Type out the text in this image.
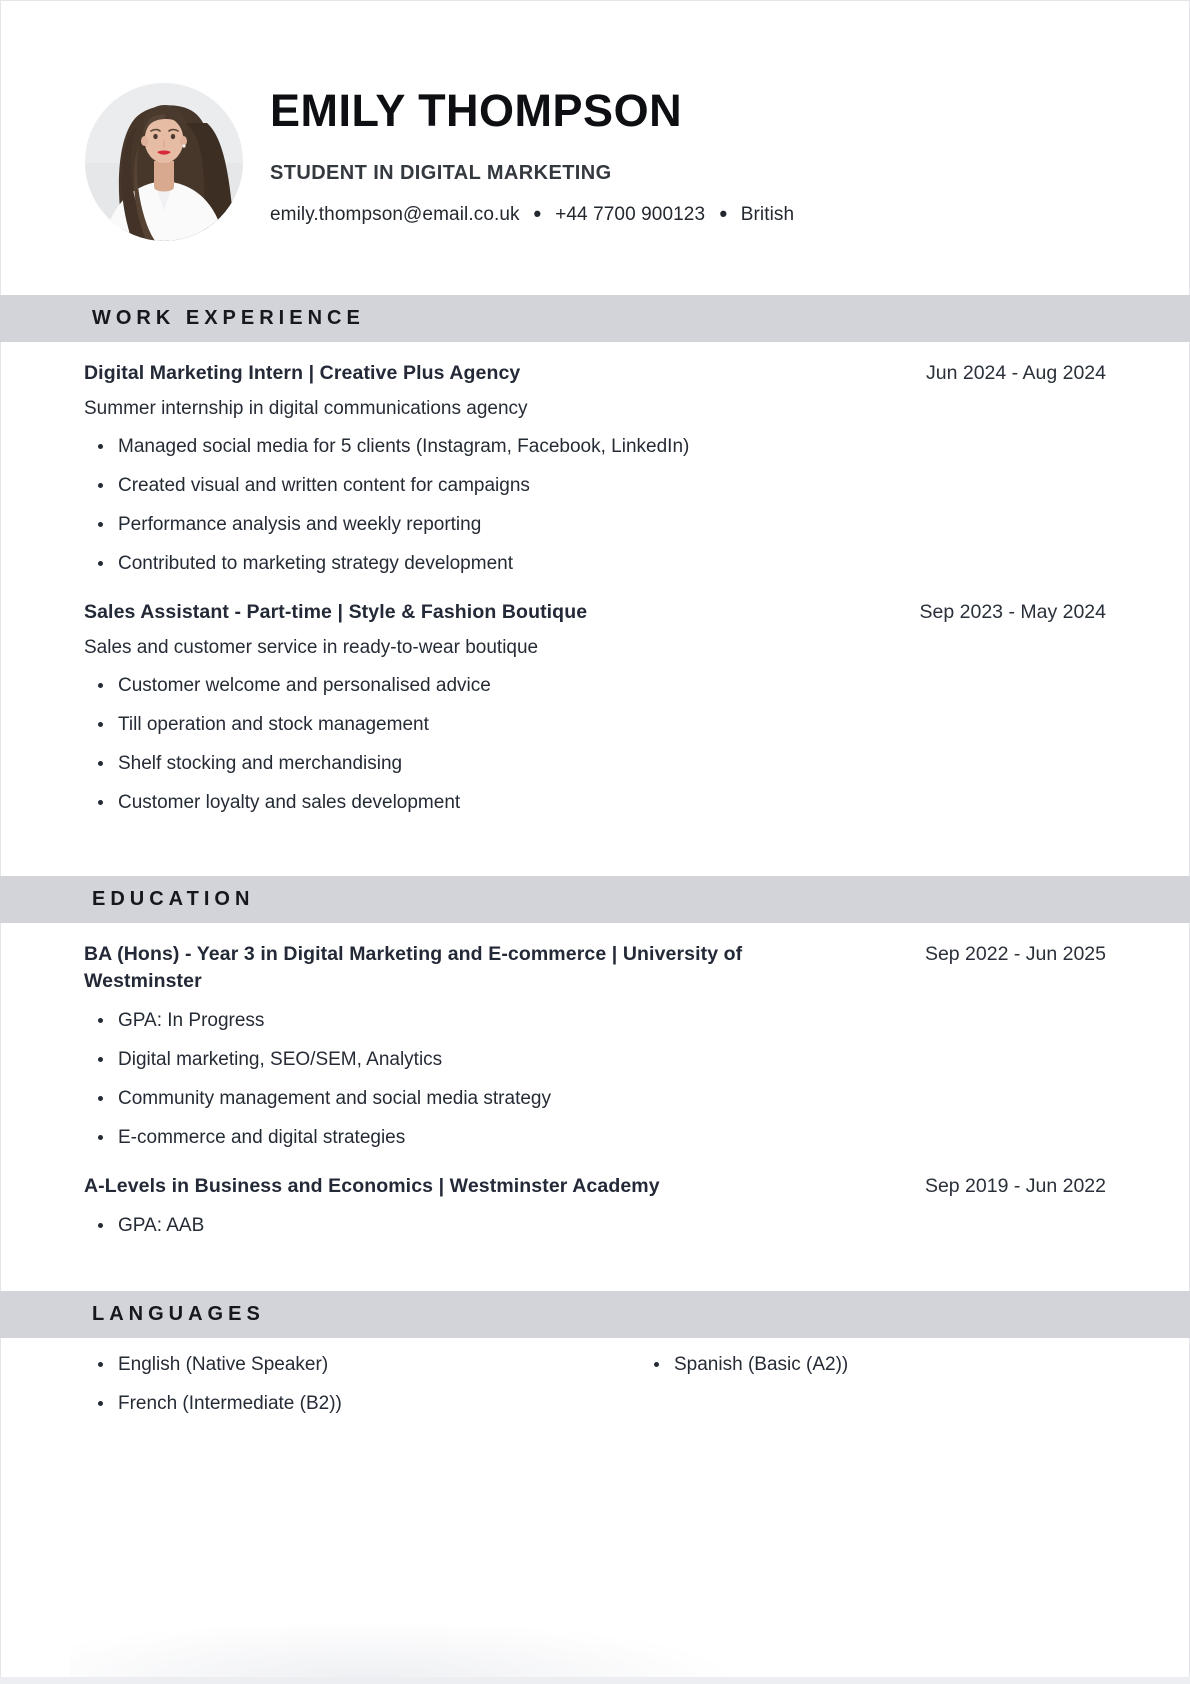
EMILY THOMPSON
STUDENT IN DIGITAL MARKETING
emily.thompson@email.co.uk • +44 7700 900123 • British
WORK EXPERIENCE
Digital Marketing Intern | Creative Plus Agency	Jun 2024 - Aug 2024

Summer internship in digital communications agency

Managed social media for 5 clients (Instagram, Facebook, LinkedIn)
Created visual and written content for campaigns
Performance analysis and weekly reporting
Contributed to marketing strategy development
Sales Assistant - Part-time | Style & Fashion Boutique	Sep 2023 - May 2024

Sales and customer service in ready-to-wear boutique

Customer welcome and personalised advice
Till operation and stock management
Shelf stocking and merchandising
Customer loyalty and sales development
EDUCATION
BA (Hons) - Year 3 in Digital Marketing and E-commerce | University of Westminster
Sep 2022 - Jun 2025
GPA: In Progress
Digital marketing, SEO/SEM, Analytics
Community management and social media strategy
E-commerce and digital strategies
A-Levels in Business and Economics | Westminster Academy	Sep 2019 - Jun 2022
GPA: AAB
LANGUAGES
English (Native Speaker)
French (Intermediate (B2))
Spanish (Basic (A2))
